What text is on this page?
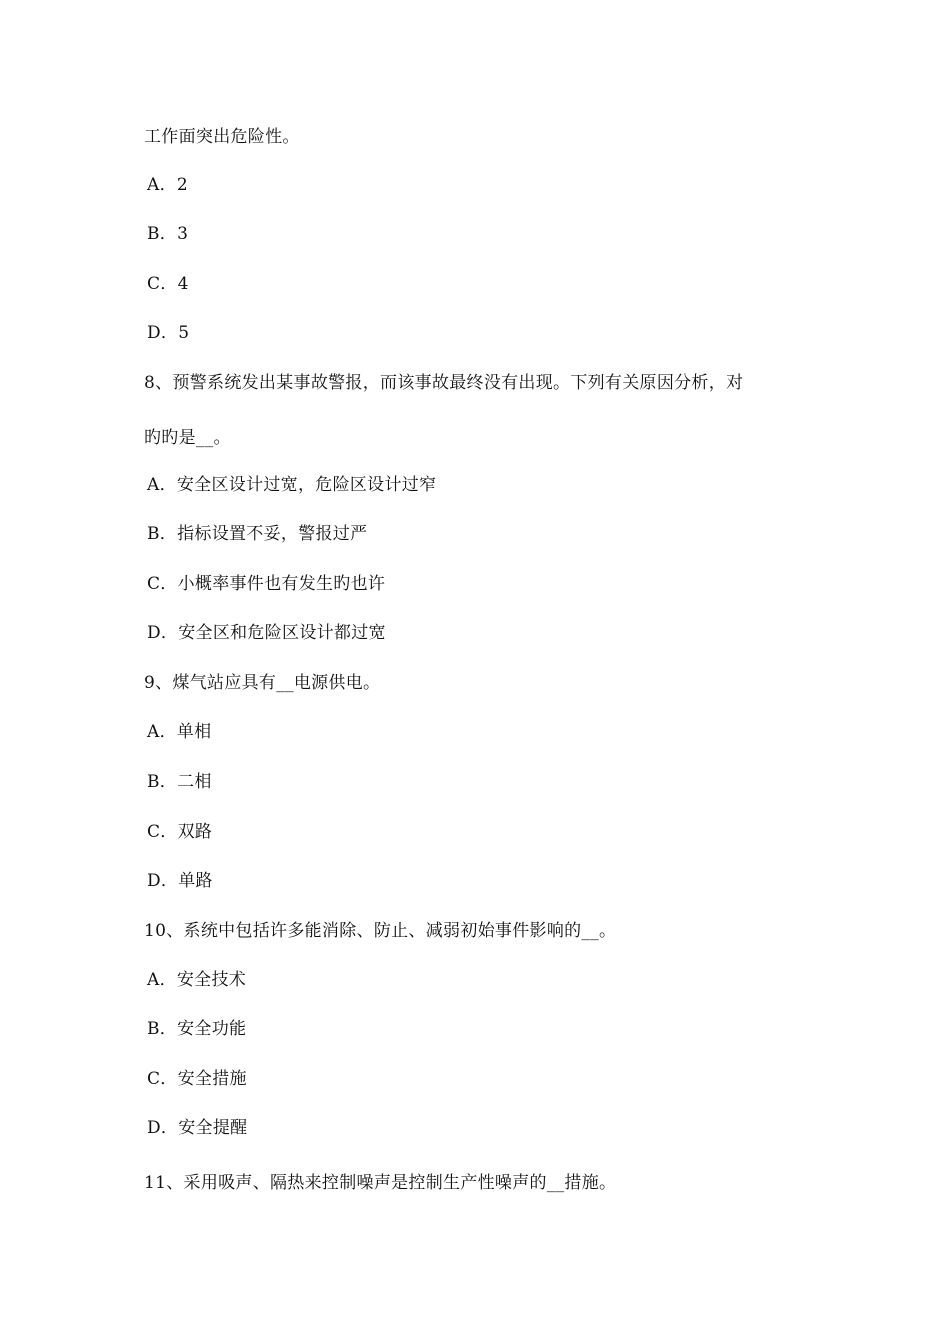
工作面突出危险性。
A．2
B．3
C．4
D．5
8、预警系统发出某事故警报，而该事故最终没有出现。下列有关原因分析，对
旳旳是__。
A．安全区设计过宽，危险区设计过窄
B．指标设置不妥，警报过严
C．小概率事件也有发生旳也许
D．安全区和危险区设计都过宽
9、煤气站应具有__电源供电。
A．单相
B．二相
C．双路
D．单路
10、系统中包括许多能消除、防止、减弱初始事件影响的__。
A．安全技术
B．安全功能
C．安全措施
D．安全提醒
11、采用吸声、隔热来控制噪声是控制生产性噪声的__措施。
